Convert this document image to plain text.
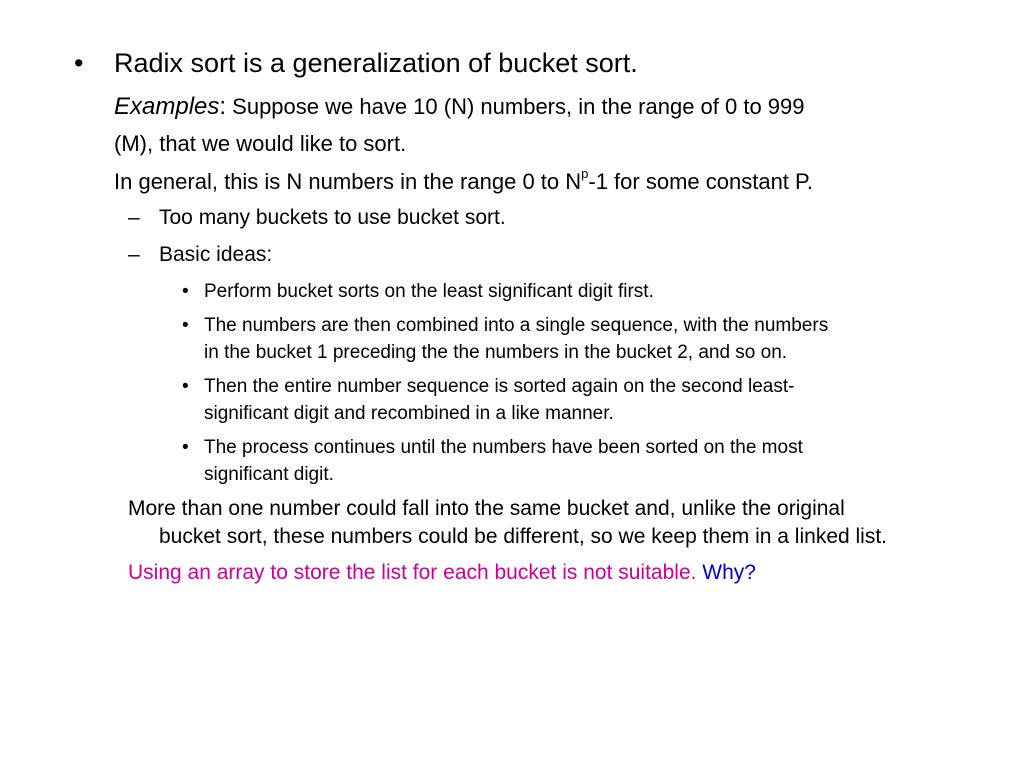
• Radix sort is a generalization of bucket sort.
Examples: Suppose we have 10 (N) numbers, in the range of 0 to 999
(M), that we would like to sort.
In general, this is N numbers in the range 0 to $N^p-1$ for some constant P.
– Too many buckets to use bucket sort.
– Basic ideas:
• Perform bucket sorts on the least significant digit first.
• The numbers are then combined into a single sequence, with the numbers
in the bucket 1 preceding the the numbers in the bucket 2, and so on.
• Then the entire number sequence is sorted again on the second least-
significant digit and recombined in a like manner.
• The process continues until the numbers have been sorted on the most
significant digit.
More than one number could fall into the same bucket and, unlike the original
bucket sort, these numbers could be different, so we keep them in a linked list.
Using an array to store the list for each bucket is not suitable. Why?
